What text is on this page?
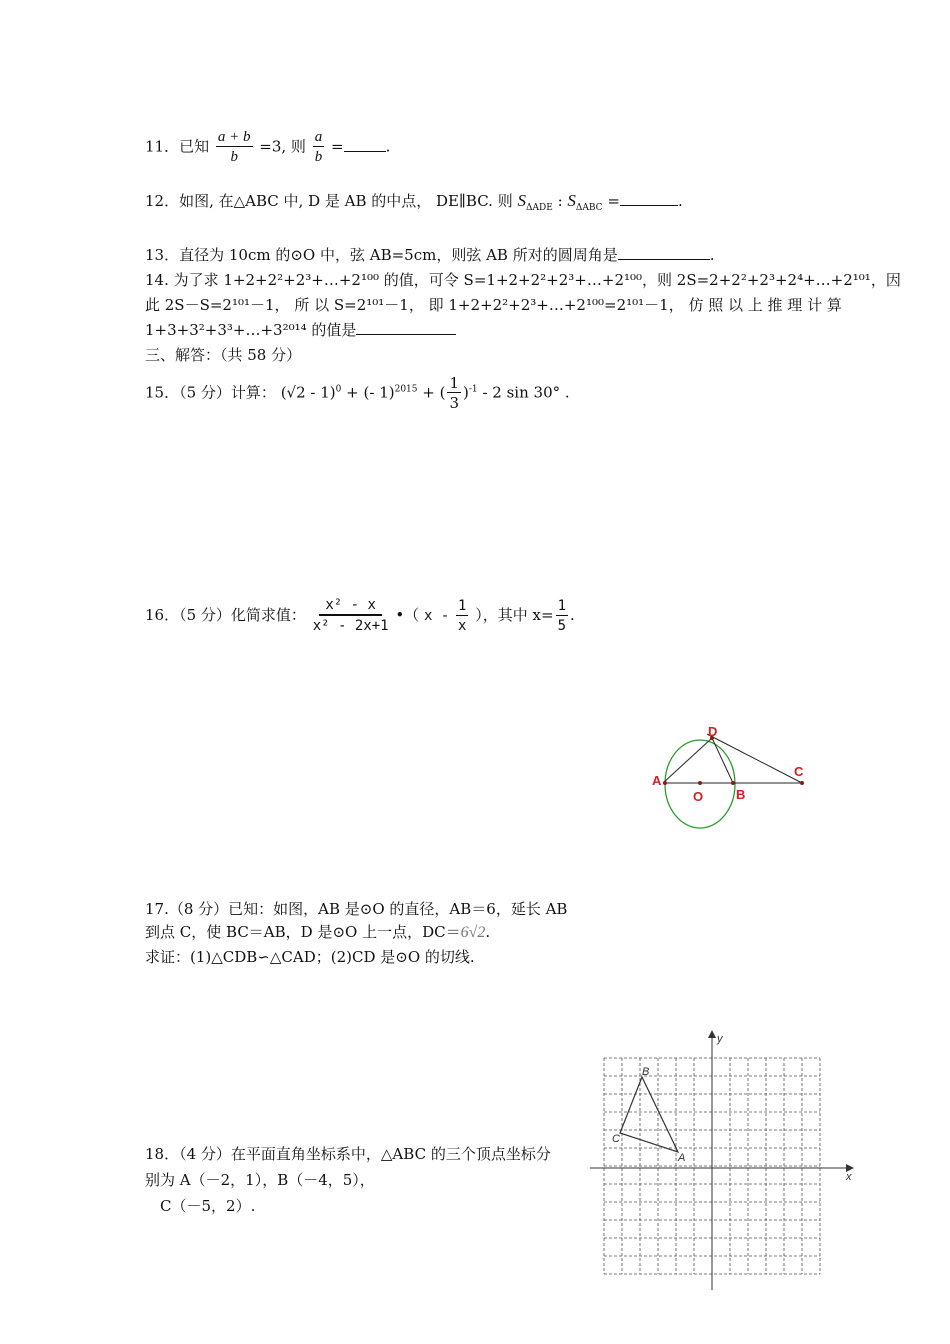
11．已知 $\frac{a + b}{b} =3$, 则 $\frac{a}{b}$ =	.
12．如图, 在△ABC 中, D 是 AB 的中点， DE∥BC. 则 $S_{\Delta ADE}$ : $S_{\Delta ABC}$ =	.
13．直径为 10cm 的⊙O 中，弦 AB=5cm，则弦 AB 所对的圆周角是	.
14. 为了求 1+2+2²+2³+…+2¹⁰⁰ 的值，可令 S=1+2+2²+2³+…+2¹⁰⁰，则 2S=2+2²+2³+2⁴+…+2¹⁰¹，因
此 2S－S=2¹⁰¹－1， 所 以 S=2¹⁰¹－1， 即 1+2+2²+2³+…+2¹⁰⁰=2¹⁰¹－1， 仿 照 以 上 推 理 计 算
1+3+3²+3³+…+3²⁰¹⁴ 的值是
三、解答：（共 58 分）
15．（5 分）计算： (√2 - 1)$^0$ + (- 1)$^{2015}$ + ( $\frac{1}{3} )^{-1} - 2$ sin 30° .
16．（5 分）化简求值： $\frac{\text{x² - x}}{\text{x² - 2x+1}}$ •（ x - $\frac{1}{x}$ ），其中 $x= \frac{1}{5}$ .
D
A
O	B
C
17.（8 分）已知：如图，AB 是⊙O 的直径，AB＝6，延长 AB
到点 C，使 BC＝AB，D 是⊙O 上一点，DC＝6√2.
求证：(1)△CDB∽△CAD；(2)CD 是⊙O 的切线.
x
y
A
B
C
18．（4 分）在平面直角坐标系中，△ABC 的三个顶点坐标分
别为 A（－2，1），B（－4，5），
C（－5，2）.
